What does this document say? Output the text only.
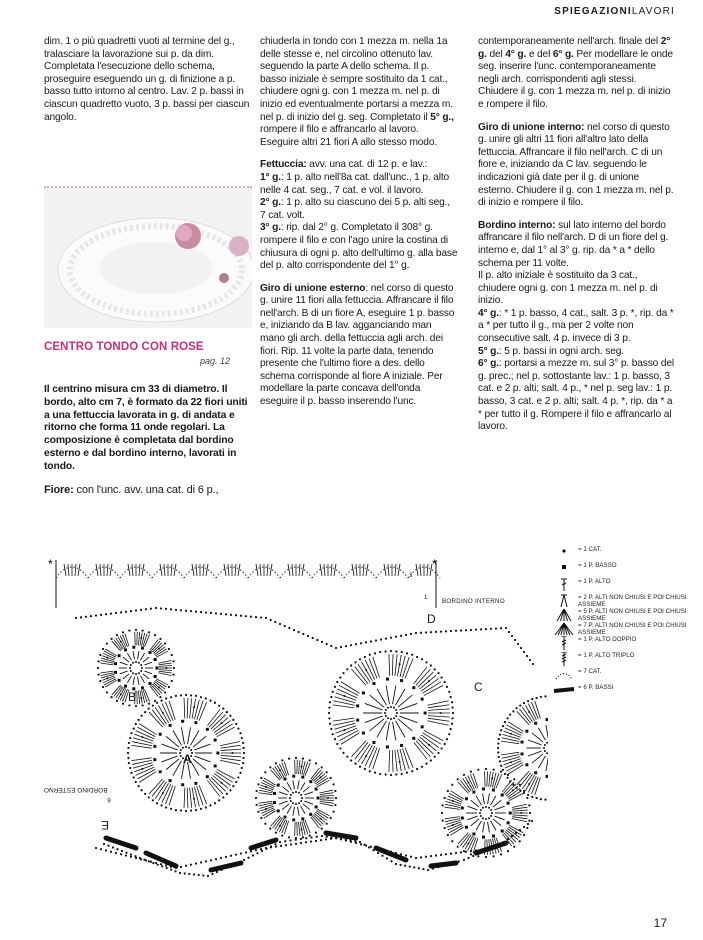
SPIEGAZIONILAVORI

dim. 1 o più quadretti vuoti al termine del g., tralasciare la lavorazione sui p. da dim. Completata l'esecuzione dello schema, proseguire eseguendo un g. di finizione a p. basso tutto intorno al centro. Lav. 2 p. bassi in ciascun quadretto vuoto, 3 p. bassi per ciascun angolo.

CENTRO TONDO CON ROSE
pag. 12

Il centrino misura cm 33 di diametro. Il bordo, alto cm 7, è formato da 22 fiori uniti a una fettuccia lavorata in g. di andata e ritorno che forma 11 onde regolari. La composizione è completata dal bordino esterno e dal bordino interno, lavorati in tondo.

Fiore: con l'unc. avv. una cat. di 6 p.,

chiuderla in tondo con 1 mezza m. nella 1a delle stesse e, nel circolino ottenuto lav. seguendo la parte A dello schema. Il p. basso iniziale è sempre sostituito da 1 cat., chiudere ogni g. con 1 mezza m. nel p. di inizio ed eventualmente portarsi a mezza m. nel p. di inizio del g. seg. Completato il 5° g., rompere il filo e affrancarlo al lavoro. Eseguire altri 21 fiori A allo stesso modo.

Fettuccia: avv. una cat. di 12 p. e lav.:
1° g.: 1 p. alto nell'8a cat. dall'unc., 1 p. alto nelle 4 cat. seg., 7 cat. e vol. il lavoro.
2° g.: 1 p. alto su ciascuno dei 5 p. alti seg., 7 cat. volt.
3° g.: rip. dal 2° g. Completato il 308° g. rompere il filo e con l'ago unire la costina di chiusura di ogni p. alto dell'ultimo g. alla base del p. alto corrispondente del 1° g.

Giro di unione esterno: nel corso di questo g. unire 11 fiori alla fettuccia. Affrancare il filo nell'arch. B di un fiore A, eseguire 1 p. basso e, iniziando da B lav. agganciando man mano gli arch. della fettuccia agli arch. dei fiori. Rip. 11 volte la parte data, tenendo presente che l'ultimo fiore a des. dello schema corrisponde al fiore A iniziale. Per modellare la parte concava dell'onda eseguire il p. basso inserendo l'unc.

contemporaneamente nell'arch. finale del 2° g. del 4° g. e del 6° g. Per modellare le onde seg. inserire l'unc. contemporaneamente negli arch. corrispondenti agli stessi. Chiudere il g. con 1 mezza m. nel p. di inizio e rompere il filo.

Giro di unione interno: nel corso di questo g. unire gli altri 11 fiori all'altro lato della fettuccia. Affrancare il filo nell'arch. C di un fiore e, iniziando da C lav. seguendo le indicazioni già date per il g. di unione esterno. Chiudere il g. con 1 mezza m. nel p. di inizio e rompere il filo.

Bordino interno: sul lato interno del bordo affrancare il filo nell'arch. D di un fiore del g. interno e, dal 1° al 3° g. rip. da * a * dello schema per 11 volte.

Il p. alto iniziale è sostituito da 3 cat., chiudere ogni g. con 1 mezza m. nel p. di inizio.
4° g.: * 1 p. basso, 4 cat., salt. 3 p. *, rip. da * a * per tutto il g., ma per 2 volte non consecutive salt. 4 p. invece di 3 p.
5° g.: 5 p. bassi in ogni arch. seg.
6° g.: portarsi a mezze m. sul 3° p. basso del g. prec.; nel p. sottostante lav.: 1 p. basso, 3 cat. e 2 p. alti; salt. 4 p., * nel p. seg lav.: 1 p. basso, 3 cat. e 2 p. alti; salt. 4 p. *, rip. da * a * per tutto il g. Rompere il filo e affrancarlo al lavoro.

*	*
D
C
B
A
E
BORDINO INTERNO
BORDINO ESTERNO
3
1
6
= 1 CAT.
= 1 P. BASSO
= 1 P. ALTO
= 2 P. ALTI NON CHIUSI E POI CHIUSI ASSIEME
= 5 P. ALTI NON CHIUSI E POI CHIUSI ASSIEME
= 7 P. ALTI NON CHIUSI E POI CHIUSI ASSIEME
= 1 P. ALTO DOPPIO
= 1 P. ALTO TRIPLO
= 7 CAT.
= 6 P. BASSI
17
